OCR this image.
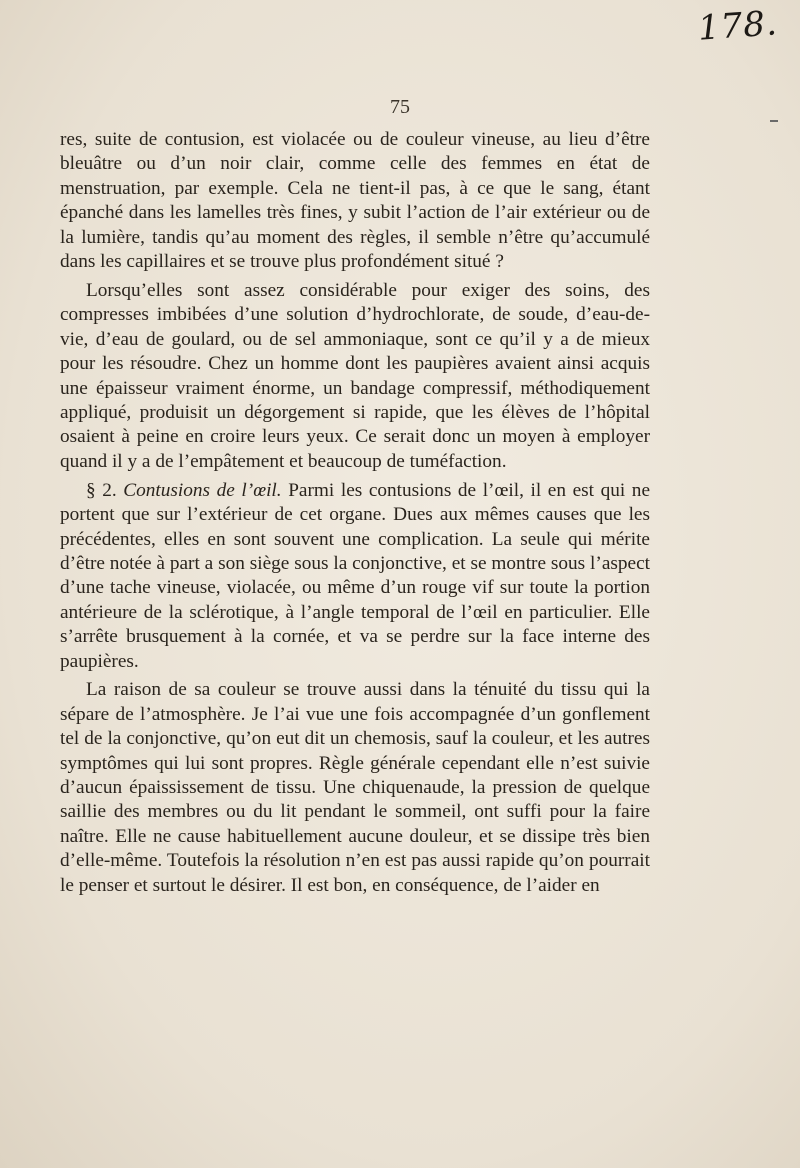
178.
75

res, suite de contusion, est violacée ou de couleur vineuse, au lieu d’être bleuâtre ou d’un noir clair, comme celle des femmes en état de menstruation, par exemple. Cela ne tient-il pas, à ce que le sang, étant épanché dans les lamelles très fines, y subit l’action de l’air extérieur ou de la lumière, tandis qu’au moment des règles, il semble n’être qu’accumulé dans les capillaires et se trouve plus profondément situé ?

Lorsqu’elles sont assez considérable pour exiger des soins, des compresses imbibées d’une solution d’hydrochlorate, de soude, d’eau-de-vie, d’eau de goulard, ou de sel ammoniaque, sont ce qu’il y a de mieux pour les résoudre. Chez un homme dont les paupières avaient ainsi acquis une épaisseur vraiment énorme, un bandage compressif, méthodiquement appliqué, produisit un dégorgement si rapide, que les élèves de l’hôpital osaient à peine en croire leurs yeux. Ce serait donc un moyen à employer quand il y a de l’empâtement et beaucoup de tuméfaction.

§ 2. Contusions de l’œil. Parmi les contusions de l’œil, il en est qui ne portent que sur l’extérieur de cet organe. Dues aux mêmes causes que les précédentes, elles en sont souvent une complication. La seule qui mérite d’être notée à part a son siège sous la conjonctive, et se montre sous l’aspect d’une tache vineuse, violacée, ou même d’un rouge vif sur toute la portion antérieure de la sclérotique, à l’angle temporal de l’œil en particulier. Elle s’arrête brusquement à la cornée, et va se perdre sur la face interne des paupières.

La raison de sa couleur se trouve aussi dans la ténuité du tissu qui la sépare de l’atmosphère. Je l’ai vue une fois accompagnée d’un gonflement tel de la conjonctive, qu’on eut dit un chemosis, sauf la couleur, et les autres symptômes qui lui sont propres. Règle générale cependant elle n’est suivie d’aucun épaississement de tissu. Une chiquenaude, la pression de quelque saillie des membres ou du lit pendant le sommeil, ont suffi pour la faire naître. Elle ne cause habituellement aucune douleur, et se dissipe très bien d’elle-même. Toutefois la résolution n’en est pas aussi rapide qu’on pourrait le penser et surtout le désirer. Il est bon, en conséquence, de l’aider en
